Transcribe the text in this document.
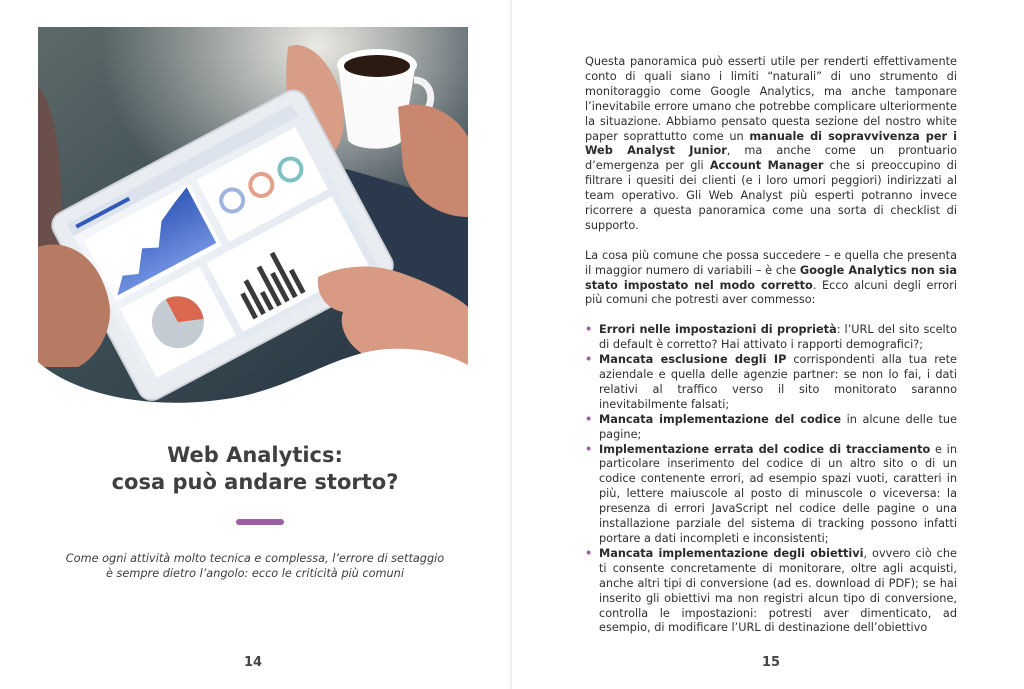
Web Analytics:
cosa può andare storto?
Come ogni attività molto tecnica e complessa, l’errore di settaggio
è sempre dietro l’angolo: ecco le criticità più comuni
14

Questa panoramica può esserti utile per renderti effettivamente conto di quali siano i limiti “naturali” di uno strumento di monitoraggio come Google Analytics, ma anche tamponare l’inevitabile errore umano che potrebbe complicare ulteriormente la situazione. Abbiamo pensato questa sezione del nostro white paper soprattutto come un manuale di sopravvivenza per i Web Analyst Junior, ma anche come un prontuario d’emergenza per gli Account Manager che si preoccupino di filtrare i quesiti dei clienti (e i loro umori peggiori) indirizzati al team operativo. Gli Web Analyst più esperti potranno invece ricorrere a questa panoramica come una sorta di checklist di supporto.

La cosa più comune che possa succedere – e quella che presenta il maggior numero di variabili – è che Google Analytics non sia stato impostato nel modo corretto. Ecco alcuni degli errori più comuni che potresti aver commesso:

• Errori nelle impostazioni di proprietà: l’URL del sito scelto di default è corretto? Hai attivato i rapporti demografici?;
• Mancata esclusione degli IP corrispondenti alla tua rete aziendale e quella delle agenzie partner: se non lo fai, i dati relativi al traffico verso il sito monitorato saranno inevitabilmente falsati;
• Mancata implementazione del codice in alcune delle tue pagine;
• Implementazione errata del codice di tracciamento e in particolare inserimento del codice di un altro sito o di un codice contenente errori, ad esempio spazi vuoti, caratteri in più, lettere maiuscole al posto di minuscole o viceversa: la presenza di errori JavaScript nel codice delle pagine o una installazione parziale del sistema di tracking possono infatti portare a dati incompleti e inconsistenti;
• Mancata implementazione degli obiettivi, ovvero ciò che ti consente concretamente di monitorare, oltre agli acquisti, anche altri tipi di conversione (ad es. download di PDF); se hai inserito gli obiettivi ma non registri alcun tipo di conversione, controlla le impostazioni: potresti aver dimenticato, ad esempio, di modificare l’URL di destinazione dell’obiettivo
15
